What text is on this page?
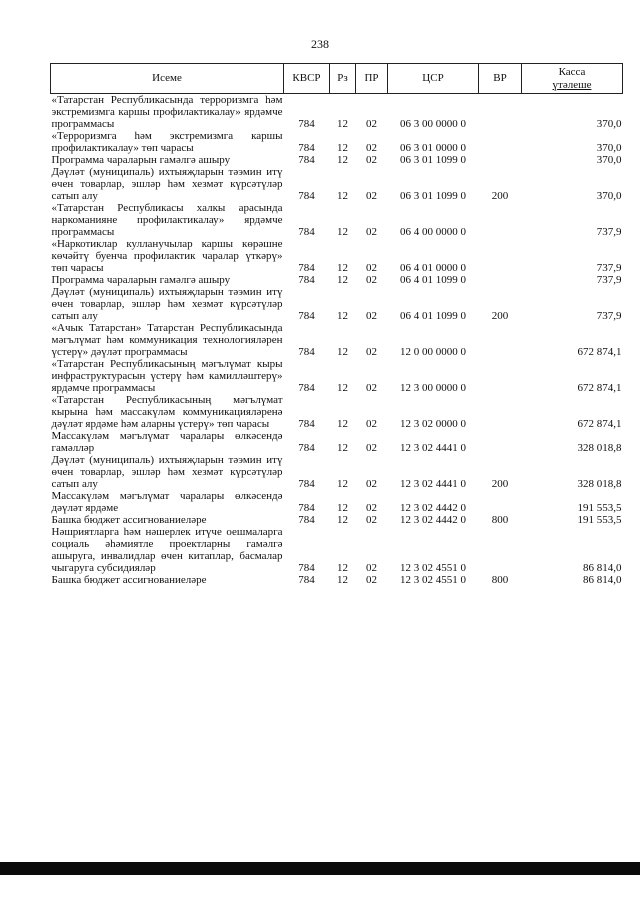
238
Исеме	КВСР	Рз	ПР	ЦСР	ВР	Касса
үтәлеше
«Татарстан Республикасында терроризмга һәм экстремизмга каршы профилактикалау» ярдәмче программасы	784	12	02	06 3 00 0000 0		370,0
«Терроризмга һәм экстремизмга каршы профилактикалау» төп чарасы	784	12	02	06 3 01 0000 0		370,0
Программа чараларын гамәлгә ашыру	784	12	02	06 3 01 1099 0		370,0
Дәүләт (муниципаль) ихтыяҗларын тәэмин итү өчен товарлар, эшләр һәм хезмәт күрсәтүләр сатып алу	784	12	02	06 3 01 1099 0	200	370,0
«Татарстан Республикасы халкы арасында наркоманияне профилактикалау» ярдәмче программасы	784	12	02	06 4 00 0000 0		737,9
«Наркотиклар кулланучылар каршы көрәшне көчәйтү буенча профилактик чаралар үткәрү» төп чарасы	784	12	02	06 4 01 0000 0		737,9
Программа чараларын гамәлгә ашыру	784	12	02	06 4 01 1099 0		737,9
Дәүләт (муниципаль) ихтыяҗларын тәэмин итү өчен товарлар, эшләр һәм хезмәт күрсәтүләр сатып алу	784	12	02	06 4 01 1099 0	200	737,9
«Ачык Татарстан» Татарстан Республикасында мәгълүмат һәм коммуникация технологияләрен үстерү» дәүләт программасы	784	12	02	12 0 00 0000 0		672 874,1
«Татарстан Республикасының мәгълүмат кыры инфраструктурасын үстерү һәм камилләштерү» ярдәмче программасы	784	12	02	12 3 00 0000 0		672 874,1
«Татарстан Республикасының мәгълүмат кырына һәм массакүләм коммуникацияләренә дәүләт ярдәме һәм аларны үстерү» төп чарасы	784	12	02	12 3 02 0000 0		672 874,1
Массакүләм мәгълүмат чаралары өлкәсендә гамәлләр	784	12	02	12 3 02 4441 0		328 018,8
Дәүләт (муниципаль) ихтыяҗларын тәэмин итү өчен товарлар, эшләр һәм хезмәт күрсәтүләр сатып алу	784	12	02	12 3 02 4441 0	200	328 018,8
Массакүләм мәгълүмат чаралары өлкәсендә дәүләт ярдәме	784	12	02	12 3 02 4442 0		191 553,5
Башка бюджет ассигнованиеләре	784	12	02	12 3 02 4442 0	800	191 553,5
Нәшриятларга һәм нәшерлек итүче оешмаларга социаль әһәмиятле проектларны гамәлгә ашыруга, инвалидлар өчен китаплар, басмалар чыгаруга субсидияләр	784	12	02	12 3 02 4551 0		86 814,0
Башка бюджет ассигнованиеләре	784	12	02	12 3 02 4551 0	800	86 814,0
